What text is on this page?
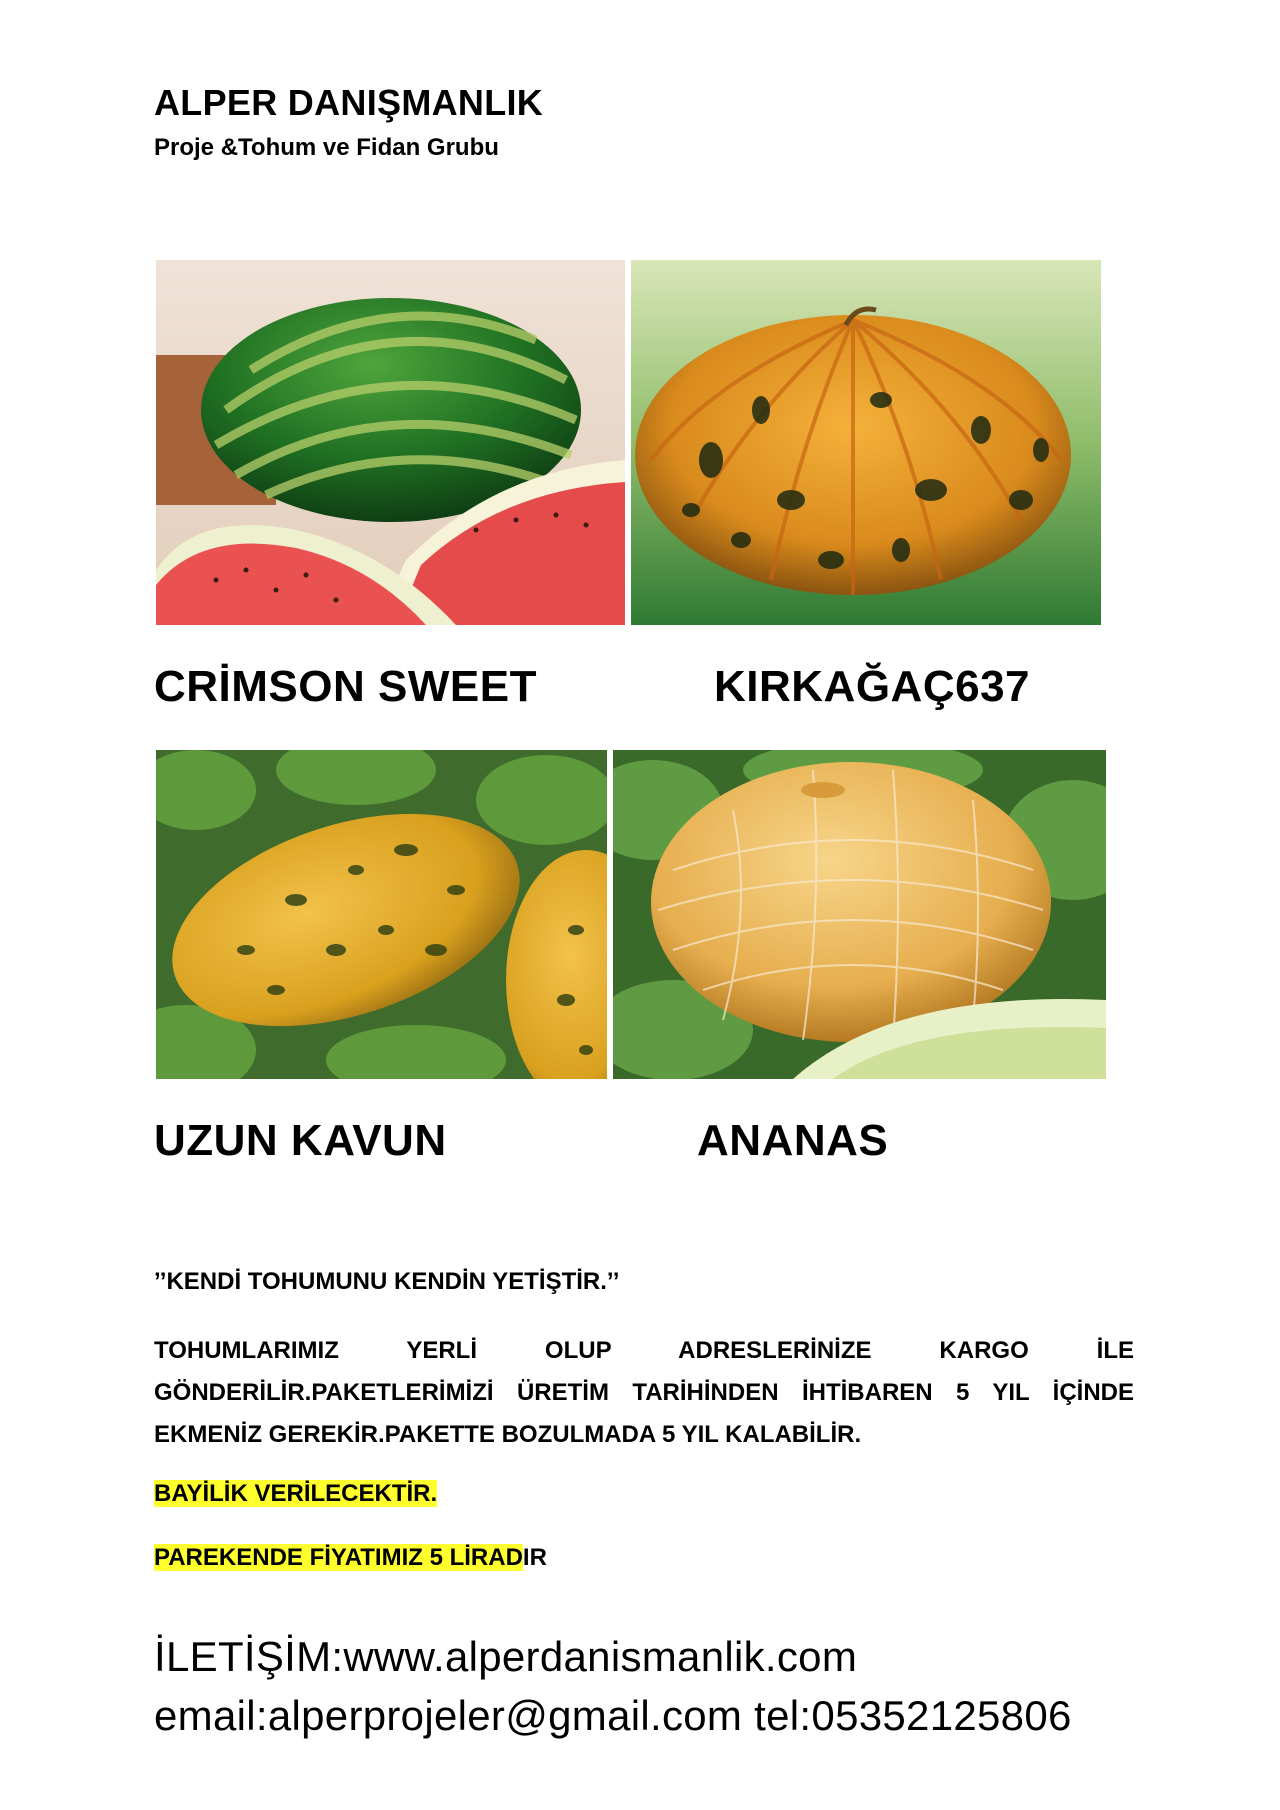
ALPER DANIŞMANLIK
Proje &Tohum ve Fidan Grubu
CRİMSON SWEET	KIRKAĞAÇ637
UZUN KAVUN	ANANAS
’’KENDİ TOHUMUNU KENDİN YETİŞTİR.’’
TOHUMLARIMIZ YERLİ OLUP ADRESLERİNİZE KARGO İLE GÖNDERİLİR.PAKETLERİMİZİ ÜRETİM TARİHİNDEN İHTİBAREN 5 YIL İÇİNDE EKMENİZ GEREKİR.PAKETTE BOZULMADA 5 YIL KALABİLİR.
BAYİLİK VERİLECEKTİR.
PAREKENDE FİYATIMIZ 5 LİRADIR
İLETİŞİM:www.alperdanismanlik.com
email:alperprojeler@gmail.com tel:05352125806
